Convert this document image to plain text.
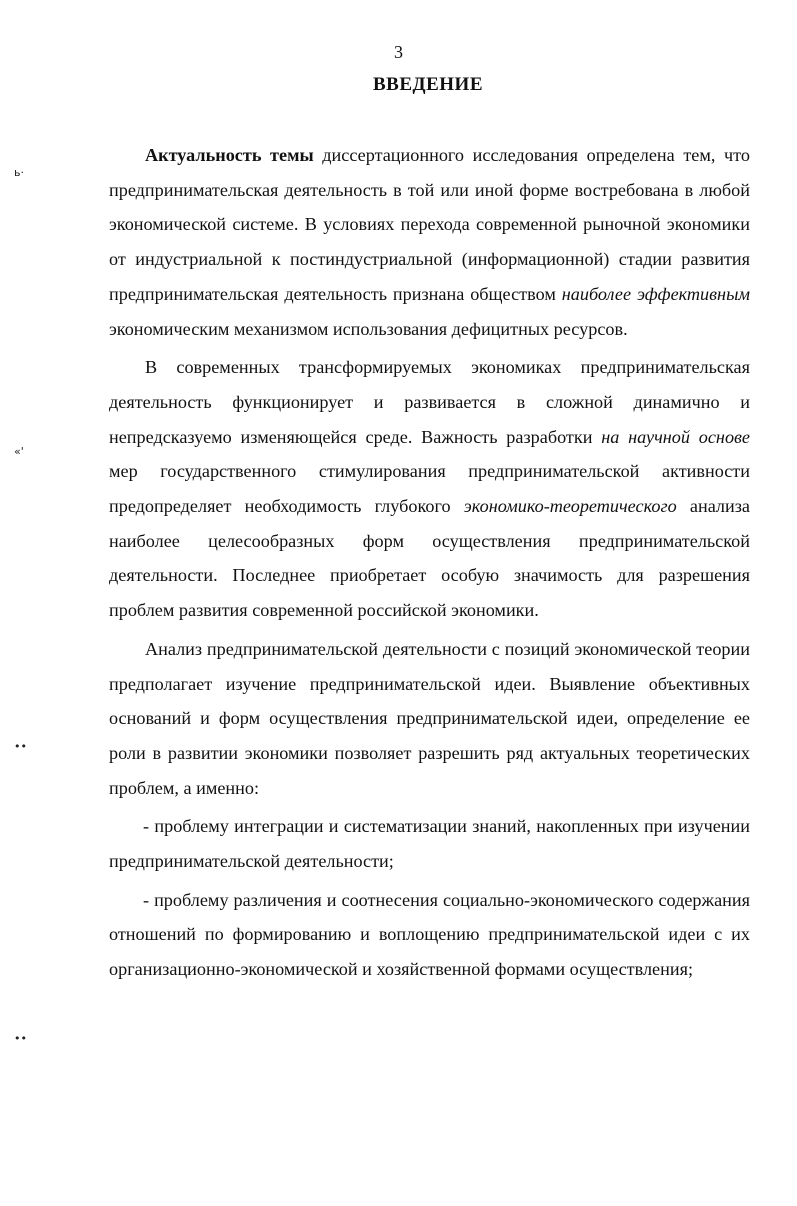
3
ВВЕДЕНИЕ
ь·
«'
••
••

Актуальность темы диссертационного исследования определена тем, что предпринимательская деятельность в той или иной форме востребована в любой экономической системе. В условиях перехода современной рыночной экономики от индустриальной к постиндустриальной (информационной) стадии развития предпринимательская деятельность признана обществом наиболее эффективным экономическим механизмом использования дефицитных ресурсов.

В современных трансформируемых экономиках предпринимательская деятельность функционирует и развивается в сложной динамично и непредсказуемо изменяющейся среде. Важность разработки на научной основе мер государственного стимулирования предпринимательской активности предопределяет необходимость глубокого экономико-теоретического анализа наиболее целесообразных форм осуществления предпринимательской деятельности. Последнее приобретает особую значимость для разрешения проблем развития современной российской экономики.

Анализ предпринимательской деятельности с позиций экономической теории предполагает изучение предпринимательской идеи. Выявление объективных оснований и форм осуществления предпринимательской идеи, определение ее роли в развитии экономики позволяет разрешить ряд актуальных теоретических проблем, а именно:

- проблему интеграции и систематизации знаний, накопленных при изучении предпринимательской деятельности;

- проблему различения и соотнесения социально-экономического содержания отношений по формированию и воплощению предпринимательской идеи с их организационно-экономической и хозяйственной формами осуществления;
